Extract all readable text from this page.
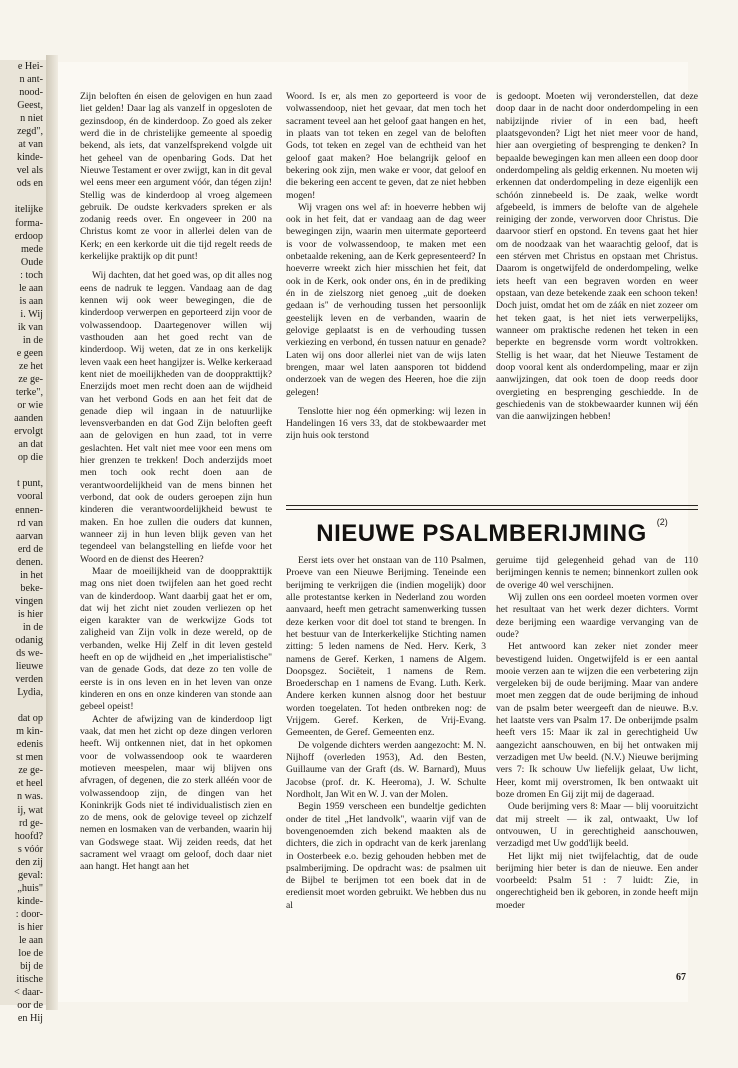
e Hei-

n ant-

nood-

Geest,

n niet

zegd",

at van

kinde-

vel als

ods en

itelijke

forma-

erdoop

mede

Oude

: toch

le aan

is aan

i. Wij

ik van

in de

e geen

ze het

ze ge-

terke",

or wie

aanden

ervolgt

an dat

op die

t punt,

vooral

ennen-

rd van

aarvan

erd de

denen.

in het

beke-

vingen

is hier

in de

odanig

ds we-

lieuwe

verden

Lydia,

dat op

m kin-

edenis

st men

ze ge-

et heel

n was.

ij, wat

rd ge-

hoofd?

s vóór

den zij

geval:

„huis"

kinde-

: door-

is hier

le aan

loe de

bij de

itische

< daar-

oor de

en Hij

Zijn beloften én eisen de gelovigen en hun zaad liet gelden! Daar lag als vanzelf in opgesloten de gezinsdoop, én de kinderdoop. Zo goed als zeker werd die in de christelijke gemeente al spoedig bekend, als iets, dat vanzelfsprekend volgde uit het geheel van de openbaring Gods. Dat het Nieuwe Testament er over zwijgt, kan in dit geval wel eens meer een argument vóór, dan tégen zijn! Stellig was de kinderdoop al vroeg algemeen gebruik. De oudste kerkvaders spreken er als zodanig reeds over. En ongeveer in 200 na Christus komt ze voor in allerlei delen van de Kerk; en een kerkorde uit die tijd regelt reeds de kerkelijke praktijk op dit punt!

Wij dachten, dat het goed was, op dit alles nog eens de nadruk te leggen. Vandaag aan de dag kennen wij ook weer bewegingen, die de kinderdoop verwerpen en geporteerd zijn voor de volwassendoop. Daartegenover willen wij vasthouden aan het goed recht van de kinderdoop. Wij weten, dat ze in ons kerkelijk leven vaak een heet hangijzer is. Welke kerkeraad kent niet de moeilijkheden van de doopprakttijk? Enerzijds moet men recht doen aan de wijdheid van het verbond Gods en aan het feit dat de genade diep wil ingaan in de natuurlijke levensverbanden en dat God Zijn beloften geeft aan de gelovigen en hun zaad, tot in verre geslachten. Het valt niet mee voor een mens om hier grenzen te trekken! Doch anderzijds moet men toch ook recht doen aan de verantwoordelijkheid van de mens binnen het verbond, dat ook de ouders geroepen zijn hun kinderen die verantwoordelijkheid bewust te maken. En hoe zullen die ouders dat kunnen, wanneer zij in hun leven blijk geven van het tegendeel van belangstelling en liefde voor het Woord en de dienst des Heeren?

Maar de moeilijkheid van de doopprakttijk mag ons niet doen twijfelen aan het goed recht van de kinderdoop. Want daarbij gaat het er om, dat wij het zicht niet zouden verliezen op het eigen karakter van de werkwijze Gods tot zaligheid van Zijn volk in deze wereld, op de verbanden, welke Hij Zelf in dit leven gesteld heeft en op de wijdheid en „het imperialistische" van de genade Gods, dat deze zo ten volle de eerste is in ons leven en in het leven van onze kinderen en ons en onze kinderen van stonde aan gebeel opeist!

Achter de afwijzing van de kinderdoop ligt vaak, dat men het zicht op deze dingen verloren heeft. Wij ontkennen niet, dat in het opkomen voor de volwassendoop ook te waarderen motieven meespelen, maar wij blijven ons afvragen, of degenen, die zo sterk alléén voor de volwassendoop zijn, de dingen van het Koninkrijk Gods niet té individualistisch zien en zo de mens, ook de gelovige teveel op zichzelf nemen en losmaken van de verbanden, waarin hij van Godswege staat. Wij zeiden reeds, dat het sacrament wel vraagt om geloof, doch daar niet aan hangt. Het hangt aan het

Woord. Is er, als men zo geporteerd is voor de volwassendoop, niet het gevaar, dat men toch het sacrament teveel aan het geloof gaat hangen en het, in plaats van tot teken en zegel van de beloften Gods, tot teken en zegel van de echtheid van het geloof gaat maken? Hoe belangrijk geloof en bekering ook zijn, men wake er voor, dat geloof en die bekering een accent te geven, dat ze niet hebben mogen!

Wij vragen ons wel af: in hoeverre hebben wij ook in het feit, dat er vandaag aan de dag weer bewegingen zijn, waarin men uitermate geporteerd is voor de volwassendoop, te maken met een onbetaalde rekening, aan de Kerk gepresenteerd? In hoeverre wreekt zich hier misschien het feit, dat ook in de Kerk, ook onder ons, én in de prediking én in de zielszorg niet genoeg „uit de doeken gedaan is" de verhouding tussen het persoonlijk geestelijk leven en de verbanden, waarin de gelovige geplaatst is en de verhouding tussen verkiezing en verbond, én tussen natuur en genade? Laten wij ons door allerlei niet van de wijs laten brengen, maar wel laten aansporen tot biddend onderzoek van de wegen des Heeren, hoe die zijn gelegen!

Tenslotte hier nog één opmerking: wij lezen in Handelingen 16 vers 33, dat de stokbewaarder met zijn huis ook terstond

is gedoopt. Moeten wij veronderstellen, dat deze doop daar in de nacht door onderdompeling in een nabijzijnde rivier of in een bad, heeft plaatsgevonden? Ligt het niet meer voor de hand, hier aan overgieting of besprenging te denken? In bepaalde bewegingen kan men alleen een doop door onderdompeling als geldig erkennen. Nu moeten wij erkennen dat onderdompeling in deze eigenlijk een schóón zinnebeeld is. De zaak, welke wordt afgebeeld, is immers de belofte van de algehele reiniging der zonde, verworven door Christus. Die daarvoor stierf en opstond. En tevens gaat het hier om de noodzaak van het waarachtig geloof, dat is een stérven met Christus en opstaan met Christus. Daarom is ongetwijfeld de onderdompeling, welke iets heeft van een begraven worden en weer opstaan, van deze betekende zaak een schoon teken! Doch juist, omdat het om de záák en niet zozeer om het teken gaat, is het niet iets verwerpelijks, wanneer om praktische redenen het teken in een beperkte en begrensde vorm wordt voltrokken. Stellig is het waar, dat het Nieuwe Testament de doop vooral kent als onderdompeling, maar er zijn aanwijzingen, dat ook toen de doop reeds door overgieting en besprenging geschiedde. In de geschiedenis van de stokbewaarder kunnen wij één van die aanwijzingen hebben!

NIEUWE PSALMBERIJMING $^{(2)}$

Eerst iets over het onstaan van de 110 Psalmen, Proeve van een Nieuwe Berijming. Teneinde een berijming te verkrijgen die (indien mogelijk) door alle protestantse kerken in Nederland zou worden aanvaard, heeft men getracht samenwerking tussen deze kerken voor dit doel tot stand te brengen. In het bestuur van de Interkerkelijke Stichting namen zitting: 5 leden namens de Ned. Herv. Kerk, 3 namens de Geref. Kerken, 1 namens de Algem. Doopsgez. Sociëteit, 1 namens de Rem. Broederschap en 1 namens de Evang. Luth. Kerk. Andere kerken kunnen alsnog door het bestuur worden toegelaten. Tot heden ontbreken nog: de Vrijgem. Geref. Kerken, de Vrij-Evang. Gemeenten, de Geref. Gemeenten enz.

De volgende dichters werden aangezocht: M. N. Nijhoff (overleden 1953), Ad. den Besten, Guillaume van der Graft (ds. W. Barnard), Muus Jacobse (prof. dr. K. Heeroma), J. W. Schulte Nordholt, Jan Wit en W. J. van der Molen.

Begin 1959 verscheen een bundeltje gedichten onder de titel „Het landvolk", waarin vijf van de bovengenoemden zich bekend maakten als de dichters, die zich in opdracht van de kerk jarenlang in Oosterbeek e.o. bezig gehouden hebben met de psalmberijming. De opdracht was: de psalmen uit de Bijbel te berijmen tot een boek dat in de erediensit moet worden gebruikt. We hebben dus nu al

geruime tijd gelegenheid gehad van de 110 berijmingen kennis te nemen; binnenkort zullen ook de overige 40 wel verschijnen.

Wij zullen ons een oordeel moeten vormen over het resultaat van het werk dezer dichters. Vormt deze berijming een waardige vervanging van de oude?

Het antwoord kan zeker niet zonder meer bevestigend luiden. Ongetwijfeld is er een aantal mooie verzen aan te wijzen die een verbetering zijn vergeleken bij de oude berijming. Maar van andere moet men zeggen dat de oude berijming de inhoud van de psalm beter weergeeft dan de nieuwe. B.v. het laatste vers van Psalm 17. De onberijmde psalm heeft vers 15: Maar ik zal in gerechtigheid Uw aangezicht aanschouwen, en bij het ontwaken mij verzadigen met Uw beeld. (N.V.) Nieuwe berijming vers 7: Ik schouw Uw liefelijk gelaat, Uw licht, Heer, komt mij overstromen, Ik ben ontwaakt uit boze dromen En Gij zijt mij de dageraad.

Oude berijming vers 8: Maar — blij vooruitzicht dat mij streelt — ik zal, ontwaakt, Uw lof ontvouwen, U in gerechtigheid aanschouwen, verzadigd met Uw godd'lijk beeld.

Het lijkt mij niet twijfelachtig, dat de oude berijming hier beter is dan de nieuwe. Een ander voorbeeld: Psalm 51 : 7 luidt: Zie, in ongerechtigheid ben ik geboren, in zonde heeft mijn moeder

67
